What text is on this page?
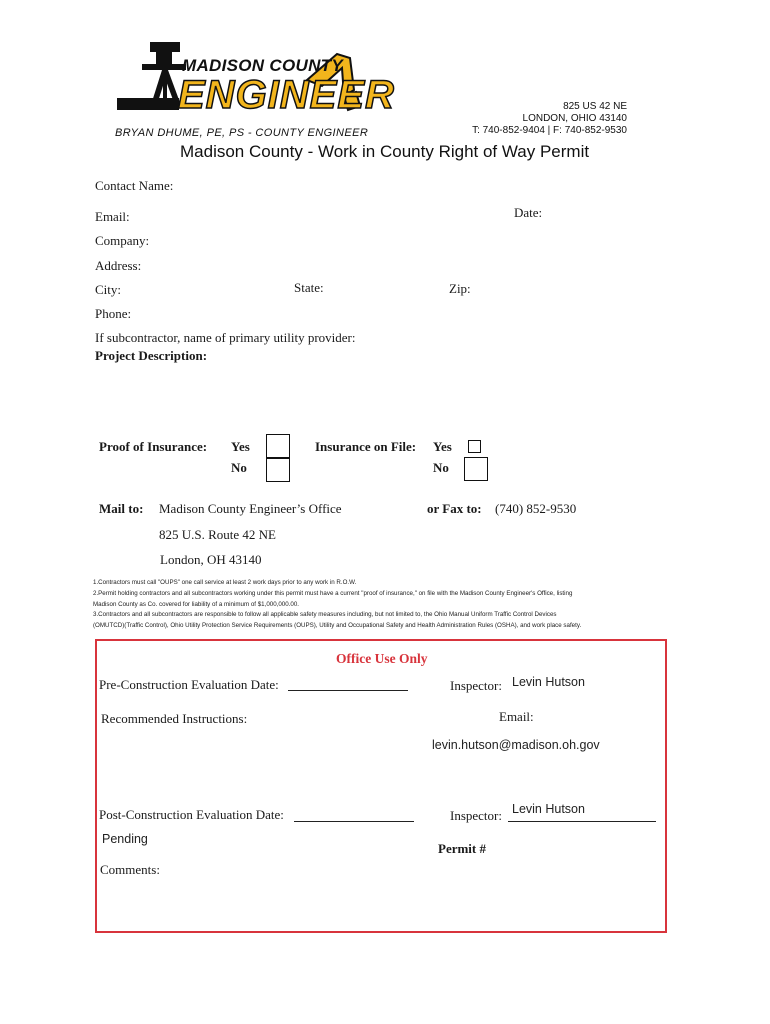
MADISON COUNTY
ENGINEER
BRYAN DHUME, PE, PS - COUNTY ENGINEER
825 US 42 NE
LONDON, OHIO 43140
T: 740-852-9404 | F: 740-852-9530
Madison County - Work in County Right of Way Permit
Contact Name:
Date:
Email:
Company:
Address:
City:	State:	Zip:
Phone:
If subcontractor, name of primary utility provider:
Project Description:
Proof of Insurance: Yes
No
Insurance on File: Yes
No
Mail to: Madison County Engineer’s Office
825 U.S. Route 42 NE
London, OH 43140
or Fax to: (740) 852-9530
1.Contractors must call "OUPS" one call service at least 2 work days prior to any work in R.O.W.
2.Permit holding contractors and all subcontractors working under this permit must have a current "proof of insurance," on file with the Madison County Engineer's Office, listing
Madison County as Co. covered for liability of a minimum of $1,000,000.00.
3.Contractors and all subcontractors are responsible to follow all applicable safety measures including, but not limited to, the Ohio Manual Uniform Traffic Control Devices
(OMUTCD)(Traffic Control), Ohio Utility Protection Service Requirements (OUPS), Utility and Occupational Safety and Health Administration Rules (OSHA), and work place safety.
Office Use Only
Pre-Construction Evaluation Date:	Inspector: Levin Hutson
Recommended Instructions:	Email:
levin.hutson@madison.oh.gov
Post-Construction Evaluation Date:	Inspector: Levin Hutson
Pending
Permit #
Comments:
